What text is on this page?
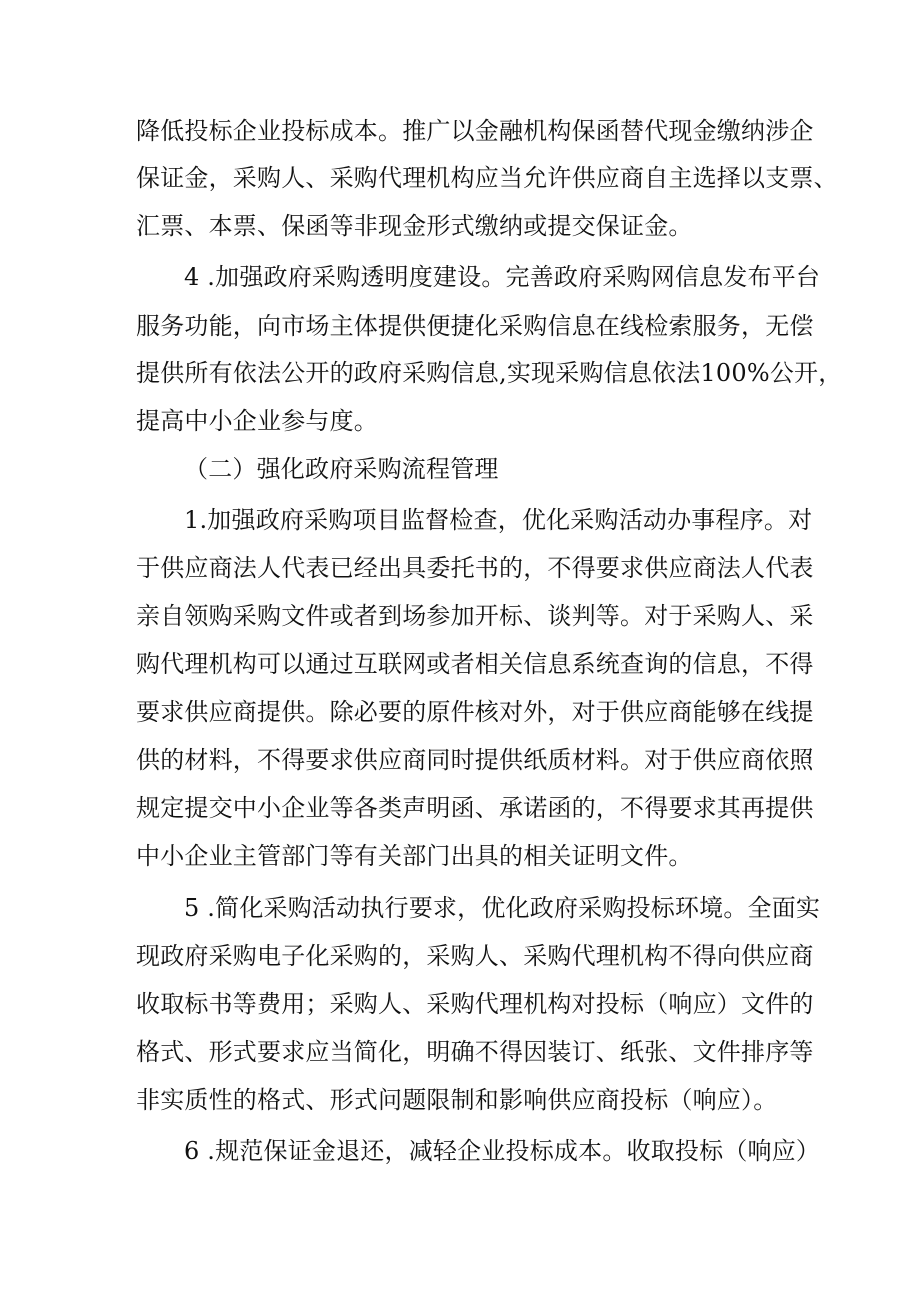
降低投标企业投标成本。推广以金融机构保函替代现金缴纳涉企
保证金，采购人、采购代理机构应当允许供应商自主选择以支票、
汇票、本票、保函等非现金形式缴纳或提交保证金。
4 .加强政府采购透明度建设。完善政府采购网信息发布平台
服务功能，向市场主体提供便捷化采购信息在线检索服务，无偿
提供所有依法公开的政府采购信息,实现采购信息依法100%公开，
提高中小企业参与度。
（二）强化政府采购流程管理
1.加强政府采购项目监督检查，优化采购活动办事程序。对
于供应商法人代表已经出具委托书的，不得要求供应商法人代表
亲自领购采购文件或者到场参加开标、谈判等。对于采购人、采
购代理机构可以通过互联网或者相关信息系统查询的信息，不得
要求供应商提供。除必要的原件核对外，对于供应商能够在线提
供的材料，不得要求供应商同时提供纸质材料。对于供应商依照
规定提交中小企业等各类声明函、承诺函的，不得要求其再提供
中小企业主管部门等有关部门出具的相关证明文件。
5 .简化采购活动执行要求，优化政府采购投标环境。全面实
现政府采购电子化采购的，采购人、采购代理机构不得向供应商
收取标书等费用；采购人、采购代理机构对投标（响应）文件的
格式、形式要求应当简化，明确不得因装订、纸张、文件排序等
非实质性的格式、形式问题限制和影响供应商投标（响应）。
6 .规范保证金退还，减轻企业投标成本。收取投标（响应）
